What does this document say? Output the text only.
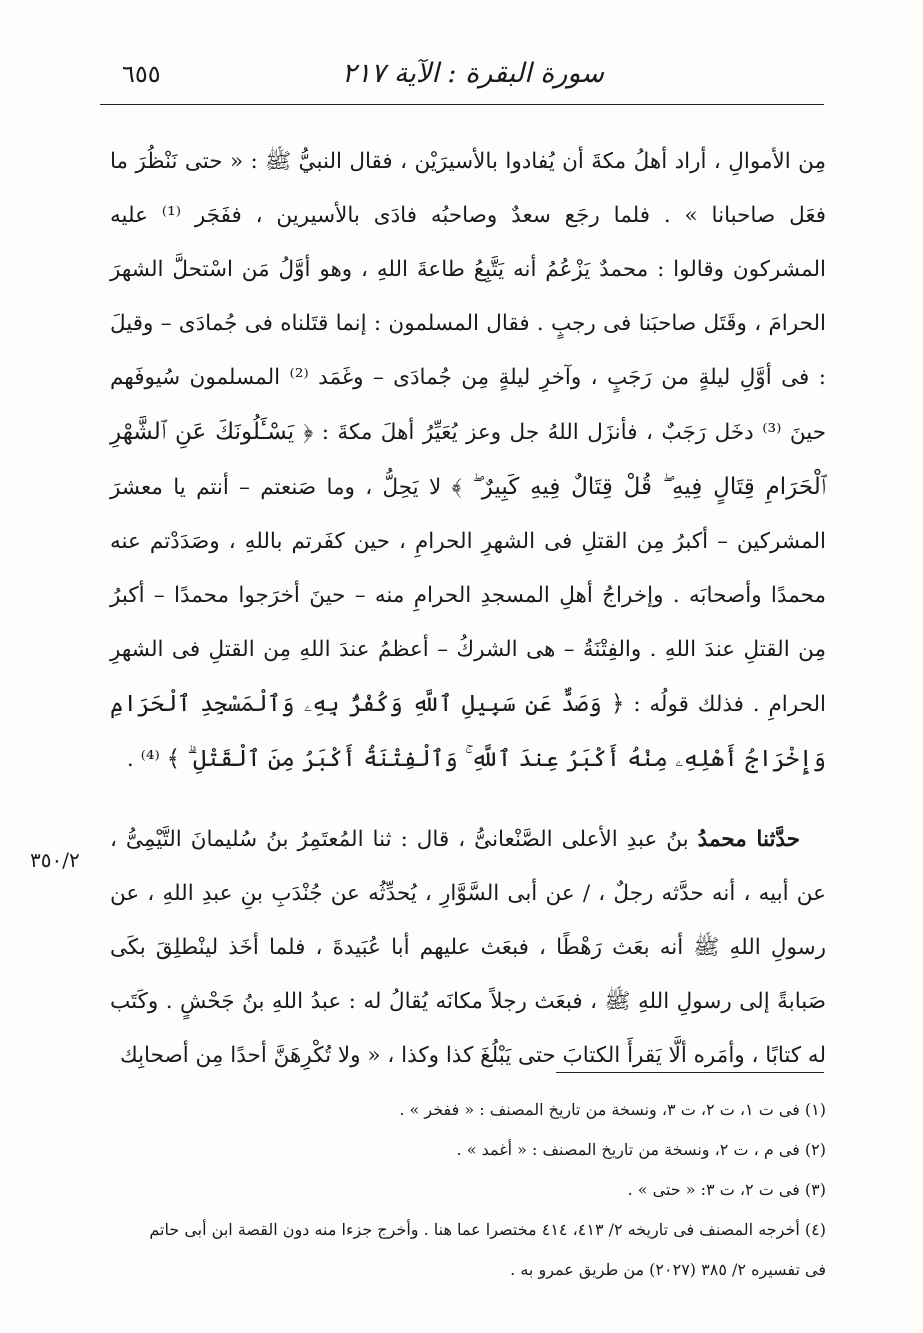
سورة البقرة : الآية ٢١٧
٦٥٥

مِن الأموالِ ، أراد أهلُ مكةَ أن يُفادوا بالأسيرَيْن ، فقال النبيُّ ﷺ : « حتى نَنْظُرَ ما فعَل صاحبانا » . فلما رجَع سعدٌ وصاحبُه فادَى بالأسيرين ، ففَجَر ⁽¹⁾ عليه المشركون وقالوا : محمدٌ يَزْعُمُ أنه يَتَّبِعُ طاعةَ اللهِ ، وهو أوَّلُ مَن اسْتحلَّ الشهرَ الحرامَ ، وقَتَل صاحبَنا فى رجبٍ . فقال المسلمون : إنما قتَلناه فى جُمادَى – وقيلَ : فى أوَّلِ ليلةٍ من رَجَبٍ ، وآخرِ ليلةٍ مِن جُمادَى – وغَمَد ⁽²⁾ المسلمون سُيوفَهم حينَ ⁽³⁾ دخَل رَجَبٌ ، فأنزَل اللهُ جل وعز يُعَيِّرُ أهلَ مكةَ : ﴿ يَسْـَٔلُونَكَ عَنِ ٱلشَّهْرِ ٱلْحَرَامِ قِتَالٍ فِيهِ ۖ قُلْ قِتَالٌ فِيهِ كَبِيرٌ ۖ ﴾ لا يَحِلُّ ، وما صَنعتم – أنتم يا معشرَ المشركين – أكبرُ مِن القتلِ فى الشهرِ الحرامِ ، حين كفَرتم باللهِ ، وصَدَدْتم عنه محمدًا وأصحابَه . وإخراجُ أهلِ المسجدِ الحرامِ منه – حينَ أخرَجوا محمدًا – أكبرُ مِن القتلِ عندَ اللهِ . والفِتْنَةُ – هى الشركُ – أعظمُ عندَ اللهِ مِن القتلِ فى الشهرِ الحرامِ . فذلك قولُه : ﴿ وَصَدٌّ عَن سَبِيلِ ٱللَّهِ وَكُفْرٌۢ بِهِۦ وَٱلْمَسْجِدِ ٱلْحَرَامِ وَإِخْرَاجُ أَهْلِهِۦ مِنْهُ أَكْبَرُ عِندَ ٱللَّهِ ۚ وَٱلْفِتْنَةُ أَكْبَرُ مِنَ ٱلْقَتْلِ ۗ ﴾ ⁽⁴⁾ .

حدَّثنا محمدُ بنُ عبدِ الأعلى الصَّنْعانىُّ ، قال : ثنا المُعتَمِرُ بنُ سُليمانَ التَّيْمِىُّ ، عن أبيه ، أنه حدَّثه رجلٌ ، / عن أبى السَّوَّارِ ، يُحدِّثُه عن جُنْدَبِ بنِ عبدِ اللهِ ، عن رسولِ اللهِ ﷺ أنه بعَث رَهْطًا ، فبعَث عليهم أبا عُبَيدةَ ، فلما أخَذ لينْطلِقَ بكَى صَبابةً إلى رسولِ اللهِ ﷺ ، فبعَث رجلاً مكانَه يُقالُ له : عبدُ اللهِ بنُ جَحْشٍ . وكَتَب له كتابًا ، وأمَره ألَّا يَقرأَ الكتابَ حتى يَبْلُغَ كذا وكذا ، « ولا تُكْرِهَنَّ أحدًا مِن أصحابِك

٣٥٠/٢

(١) فى ت ١، ت ٢، ت ٣، ونسخة من تاريخ المصنف : « ففخر » .

(٢) فى م ، ت ٢، ونسخة من تاريخ المصنف : « أغمد » .

(٣) فى ت ٢، ت ٣: « حتى » .

(٤) أخرجه المصنف فى تاريخه ٢/ ٤١٣، ٤١٤ مختصرا عما هنا . وأخرج جزءا منه دون القصة ابن أبى حاتم

فى تفسيره ٢/ ٣٨٥ (٢٠٢٧) من طريق عمرو به .
